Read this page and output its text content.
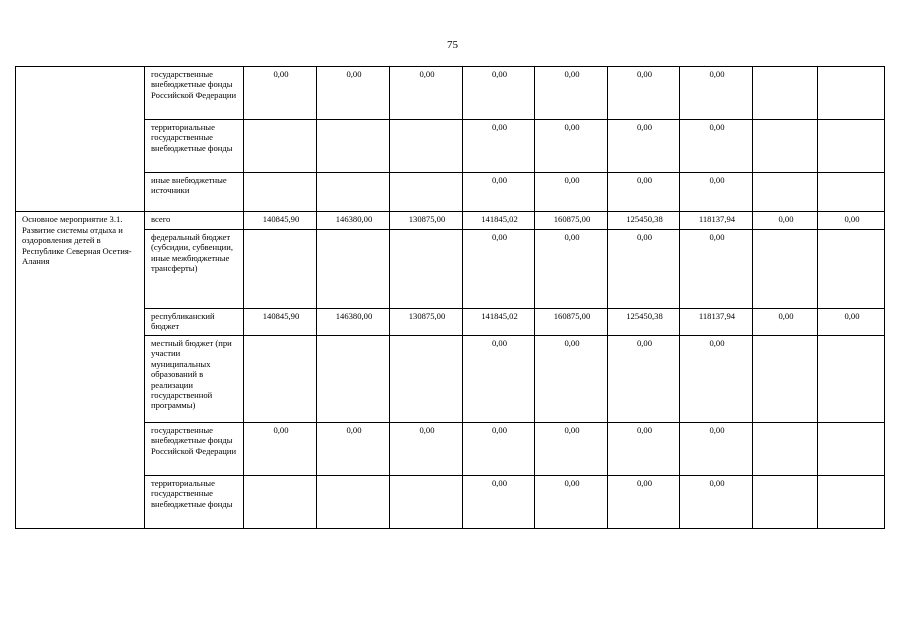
75
	государственные внебюджетные фонды Российской Федерации	0,00	0,00	0,00	0,00	0,00	0,00	0,00		
	территориальные государственные внебюджетные фонды				0,00	0,00	0,00	0,00		
	иные внебюджетные источники				0,00	0,00	0,00	0,00		
Основное мероприятие 3.1. Развитие системы отдыха и оздоровления детей в Республике Северная Осетия-Алания	всего	140845,90	146380,00	130875,00	141845,02	160875,00	125450,38	118137,94	0,00	0,00
	федеральный бюджет (субсидии, субвенции, иные межбюджетные трансферты)				0,00	0,00	0,00	0,00		
	республиканский бюджет	140845,90	146380,00	130875,00	141845,02	160875,00	125450,38	118137,94	0,00	0,00
	местный бюджет (при участии муниципальных образований в реализации государственной программы)				0,00	0,00	0,00	0,00		
	государственные внебюджетные фонды Российской Федерации	0,00	0,00	0,00	0,00	0,00	0,00	0,00		
	территориальные государственные внебюджетные фонды				0,00	0,00	0,00	0,00		
